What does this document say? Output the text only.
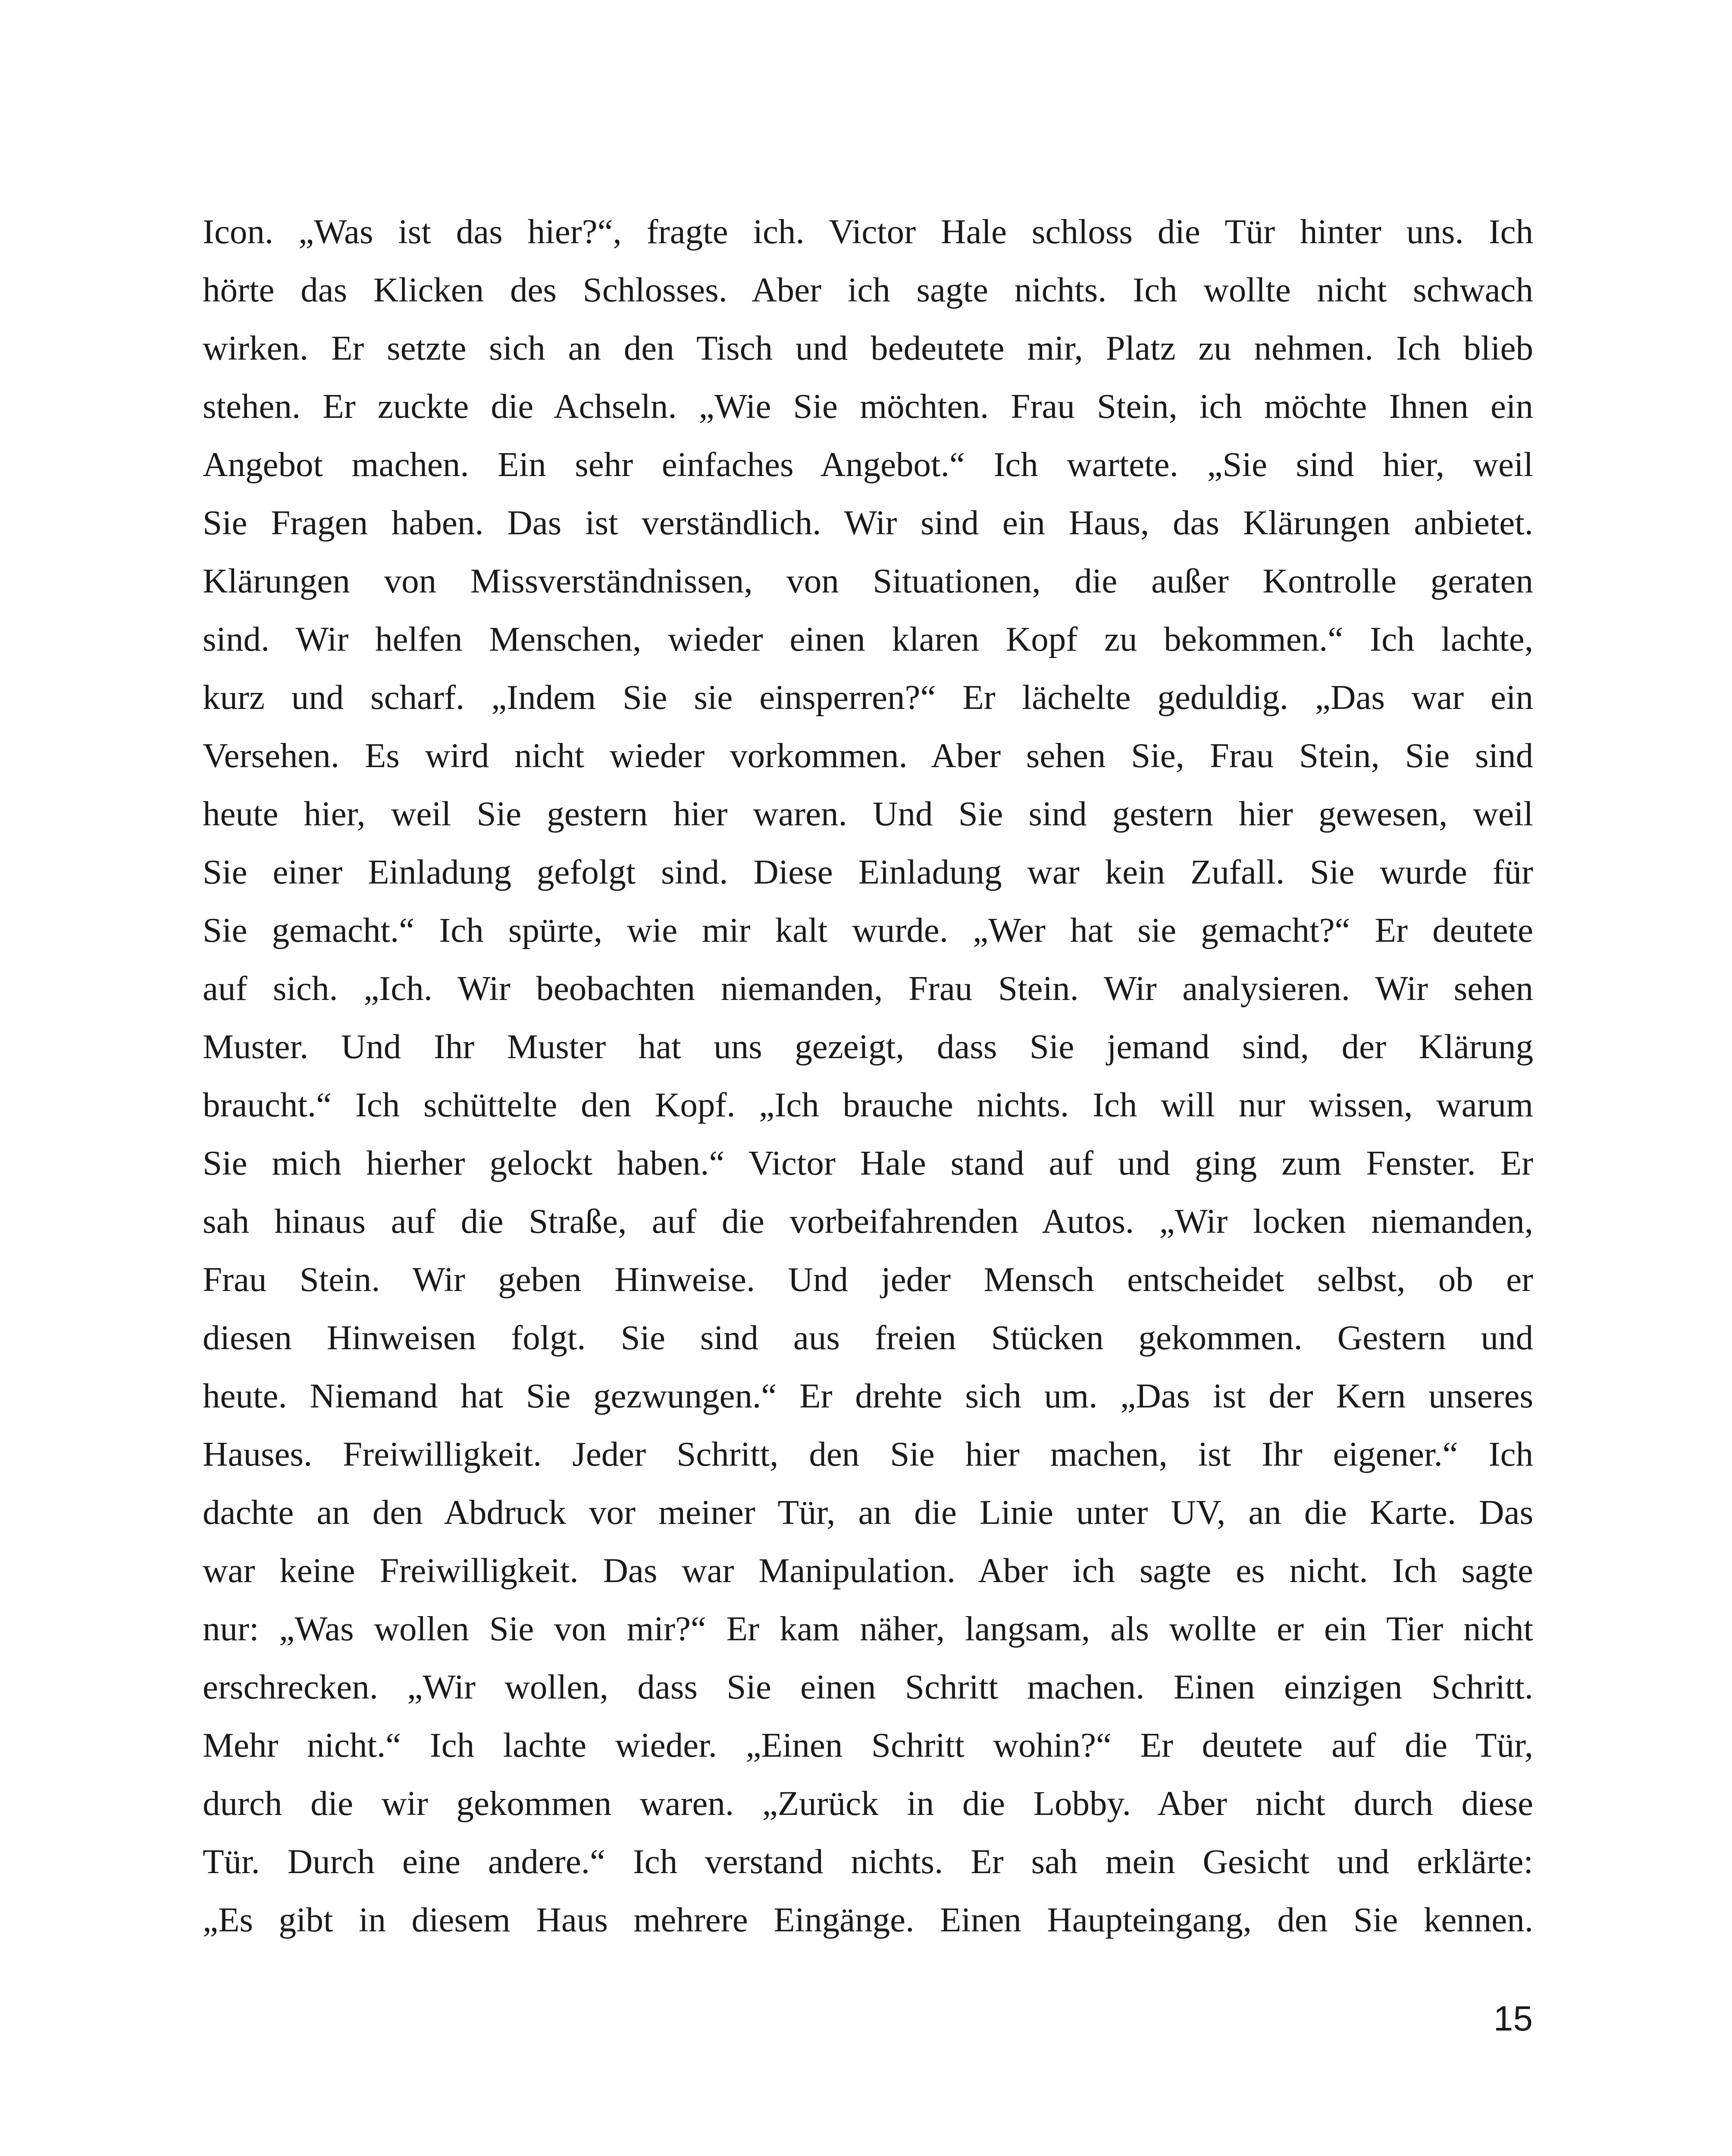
Icon. „Was ist das hier?“, fragte ich. Victor Hale schloss die Tür hinter uns. Ich
hörte das Klicken des Schlosses. Aber ich sagte nichts. Ich wollte nicht schwach
wirken. Er setzte sich an den Tisch und bedeutete mir, Platz zu nehmen. Ich blieb
stehen. Er zuckte die Achseln. „Wie Sie möchten. Frau Stein, ich möchte Ihnen ein
Angebot machen. Ein sehr einfaches Angebot.“ Ich wartete. „Sie sind hier, weil
Sie Fragen haben. Das ist verständlich. Wir sind ein Haus, das Klärungen anbietet.
Klärungen von Missverständnissen, von Situationen, die außer Kontrolle geraten
sind. Wir helfen Menschen, wieder einen klaren Kopf zu bekommen.“ Ich lachte,
kurz und scharf. „Indem Sie sie einsperren?“ Er lächelte geduldig. „Das war ein
Versehen. Es wird nicht wieder vorkommen. Aber sehen Sie, Frau Stein, Sie sind
heute hier, weil Sie gestern hier waren. Und Sie sind gestern hier gewesen, weil
Sie einer Einladung gefolgt sind. Diese Einladung war kein Zufall. Sie wurde für
Sie gemacht.“ Ich spürte, wie mir kalt wurde. „Wer hat sie gemacht?“ Er deutete
auf sich. „Ich. Wir beobachten niemanden, Frau Stein. Wir analysieren. Wir sehen
Muster. Und Ihr Muster hat uns gezeigt, dass Sie jemand sind, der Klärung
braucht.“ Ich schüttelte den Kopf. „Ich brauche nichts. Ich will nur wissen, warum
Sie mich hierher gelockt haben.“ Victor Hale stand auf und ging zum Fenster. Er
sah hinaus auf die Straße, auf die vorbeifahrenden Autos. „Wir locken niemanden,
Frau Stein. Wir geben Hinweise. Und jeder Mensch entscheidet selbst, ob er
diesen Hinweisen folgt. Sie sind aus freien Stücken gekommen. Gestern und
heute. Niemand hat Sie gezwungen.“ Er drehte sich um. „Das ist der Kern unseres
Hauses. Freiwilligkeit. Jeder Schritt, den Sie hier machen, ist Ihr eigener.“ Ich
dachte an den Abdruck vor meiner Tür, an die Linie unter UV, an die Karte. Das
war keine Freiwilligkeit. Das war Manipulation. Aber ich sagte es nicht. Ich sagte
nur: „Was wollen Sie von mir?“ Er kam näher, langsam, als wollte er ein Tier nicht
erschrecken. „Wir wollen, dass Sie einen Schritt machen. Einen einzigen Schritt.
Mehr nicht.“ Ich lachte wieder. „Einen Schritt wohin?“ Er deutete auf die Tür,
durch die wir gekommen waren. „Zurück in die Lobby. Aber nicht durch diese
Tür. Durch eine andere.“ Ich verstand nichts. Er sah mein Gesicht und erklärte:
„Es gibt in diesem Haus mehrere Eingänge. Einen Haupteingang, den Sie kennen.
15
